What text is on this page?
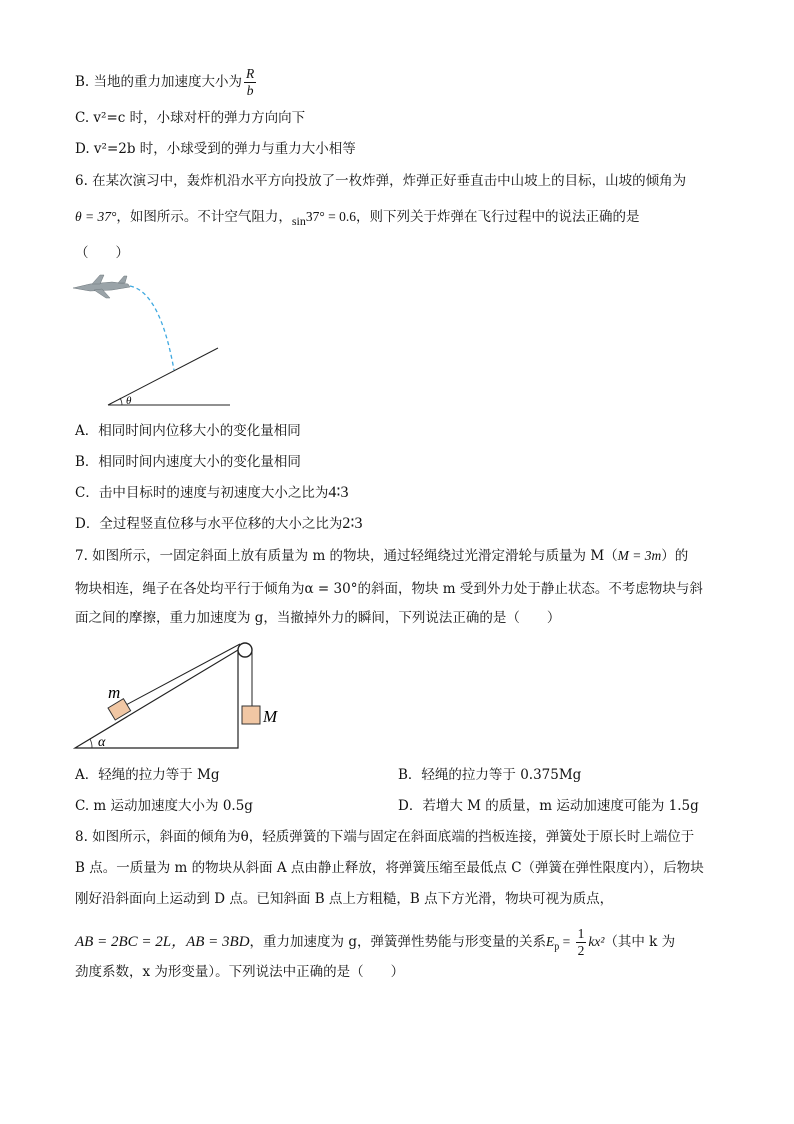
B. 当地的重力加速度大小为 $\frac{R}{b}$
C. v²=c 时，小球对杆的弹力方向向下
D. v²=2b 时，小球受到的弹力与重力大小相等
6. 在某次演习中，轰炸机沿水平方向投放了一枚炸弹，炸弹正好垂直击中山坡上的目标，山坡的倾角为
θ = 37°，如图所示。不计空气阻力，sin37° = 0.6，则下列关于炸弹在飞行过程中的说法正确的是
（　　）
θ
A．相同时间内位移大小的变化量相同
B．相同时间内速度大小的变化量相同
C．击中目标时的速度与初速度大小之比为4∶3
D．全过程竖直位移与水平位移的大小之比为2∶3
7. 如图所示，一固定斜面上放有质量为 m 的物块，通过轻绳绕过光滑定滑轮与质量为 M（M = 3m）的
物块相连，绳子在各处均平行于倾角为α = 30°的斜面，物块 m 受到外力处于静止状态。不考虑物块与斜
面之间的摩擦，重力加速度为 g，当撤掉外力的瞬间，下列说法正确的是（　　）
m
M
α
A．轻绳的拉力等于 Mg	B．轻绳的拉力等于 0.375Mg
C. m 运动加速度大小为 0.5g	D．若增大 M 的质量，m 运动加速度可能为 1.5g
8. 如图所示，斜面的倾角为θ，轻质弹簧的下端与固定在斜面底端的挡板连接，弹簧处于原长时上端位于
B 点。一质量为 m 的物块从斜面 A 点由静止释放，将弹簧压缩至最低点 C（弹簧在弹性限度内），后物块
刚好沿斜面向上运动到 D 点。已知斜面 B 点上方粗糙，B 点下方光滑，物块可视为质点，
AB = 2BC = 2L，AB = 3BD，重力加速度为 g，弹簧弹性势能与形变量的关系$E_p = \frac{1}{2} kx^2$（其中 k 为
劲度系数，x 为形变量）。下列说法中正确的是（　　）
